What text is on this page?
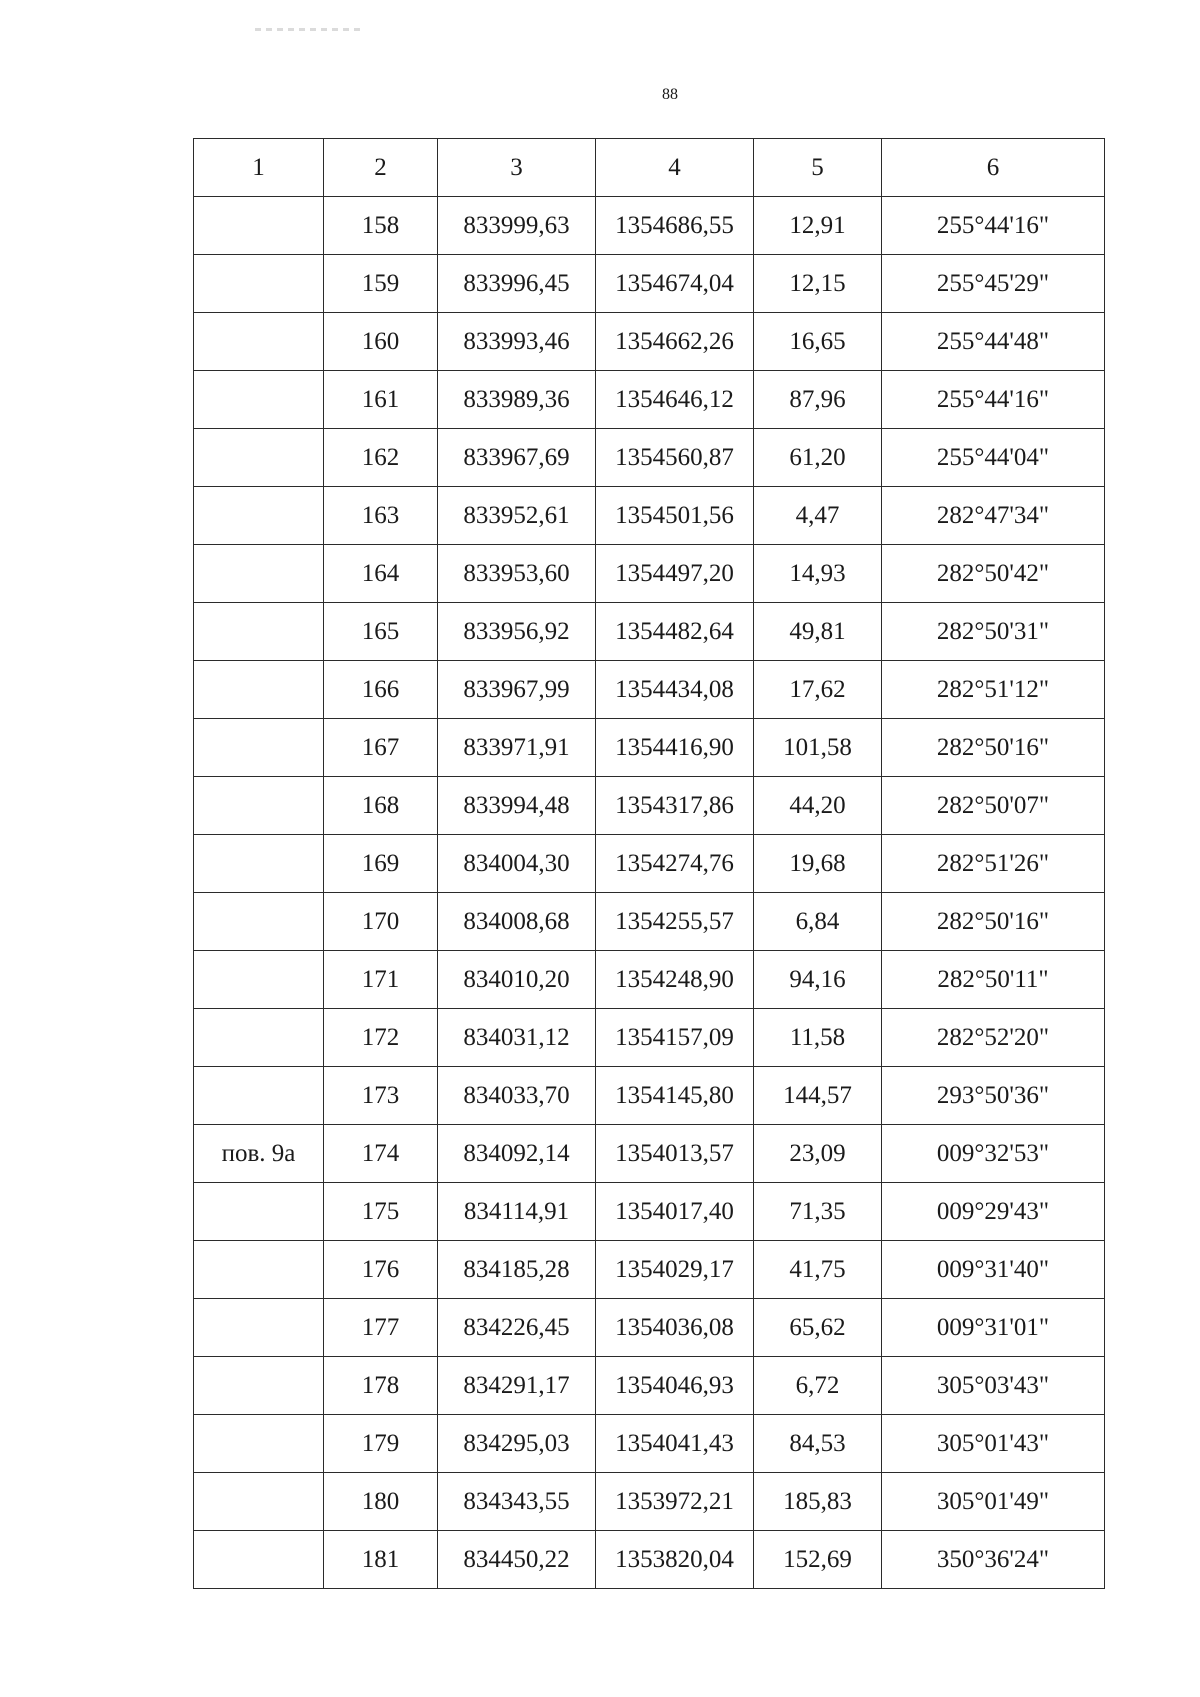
88
1	2	3	4	5	6
	158	833999,63	1354686,55	12,91	255°44'16"
	159	833996,45	1354674,04	12,15	255°45'29"
	160	833993,46	1354662,26	16,65	255°44'48"
	161	833989,36	1354646,12	87,96	255°44'16"
	162	833967,69	1354560,87	61,20	255°44'04"
	163	833952,61	1354501,56	4,47	282°47'34"
	164	833953,60	1354497,20	14,93	282°50'42"
	165	833956,92	1354482,64	49,81	282°50'31"
	166	833967,99	1354434,08	17,62	282°51'12"
	167	833971,91	1354416,90	101,58	282°50'16"
	168	833994,48	1354317,86	44,20	282°50'07"
	169	834004,30	1354274,76	19,68	282°51'26"
	170	834008,68	1354255,57	6,84	282°50'16"
	171	834010,20	1354248,90	94,16	282°50'11"
	172	834031,12	1354157,09	11,58	282°52'20"
	173	834033,70	1354145,80	144,57	293°50'36"
пов. 9а	174	834092,14	1354013,57	23,09	009°32'53"
	175	834114,91	1354017,40	71,35	009°29'43"
	176	834185,28	1354029,17	41,75	009°31'40"
	177	834226,45	1354036,08	65,62	009°31'01"
	178	834291,17	1354046,93	6,72	305°03'43"
	179	834295,03	1354041,43	84,53	305°01'43"
	180	834343,55	1353972,21	185,83	305°01'49"
	181	834450,22	1353820,04	152,69	350°36'24"
